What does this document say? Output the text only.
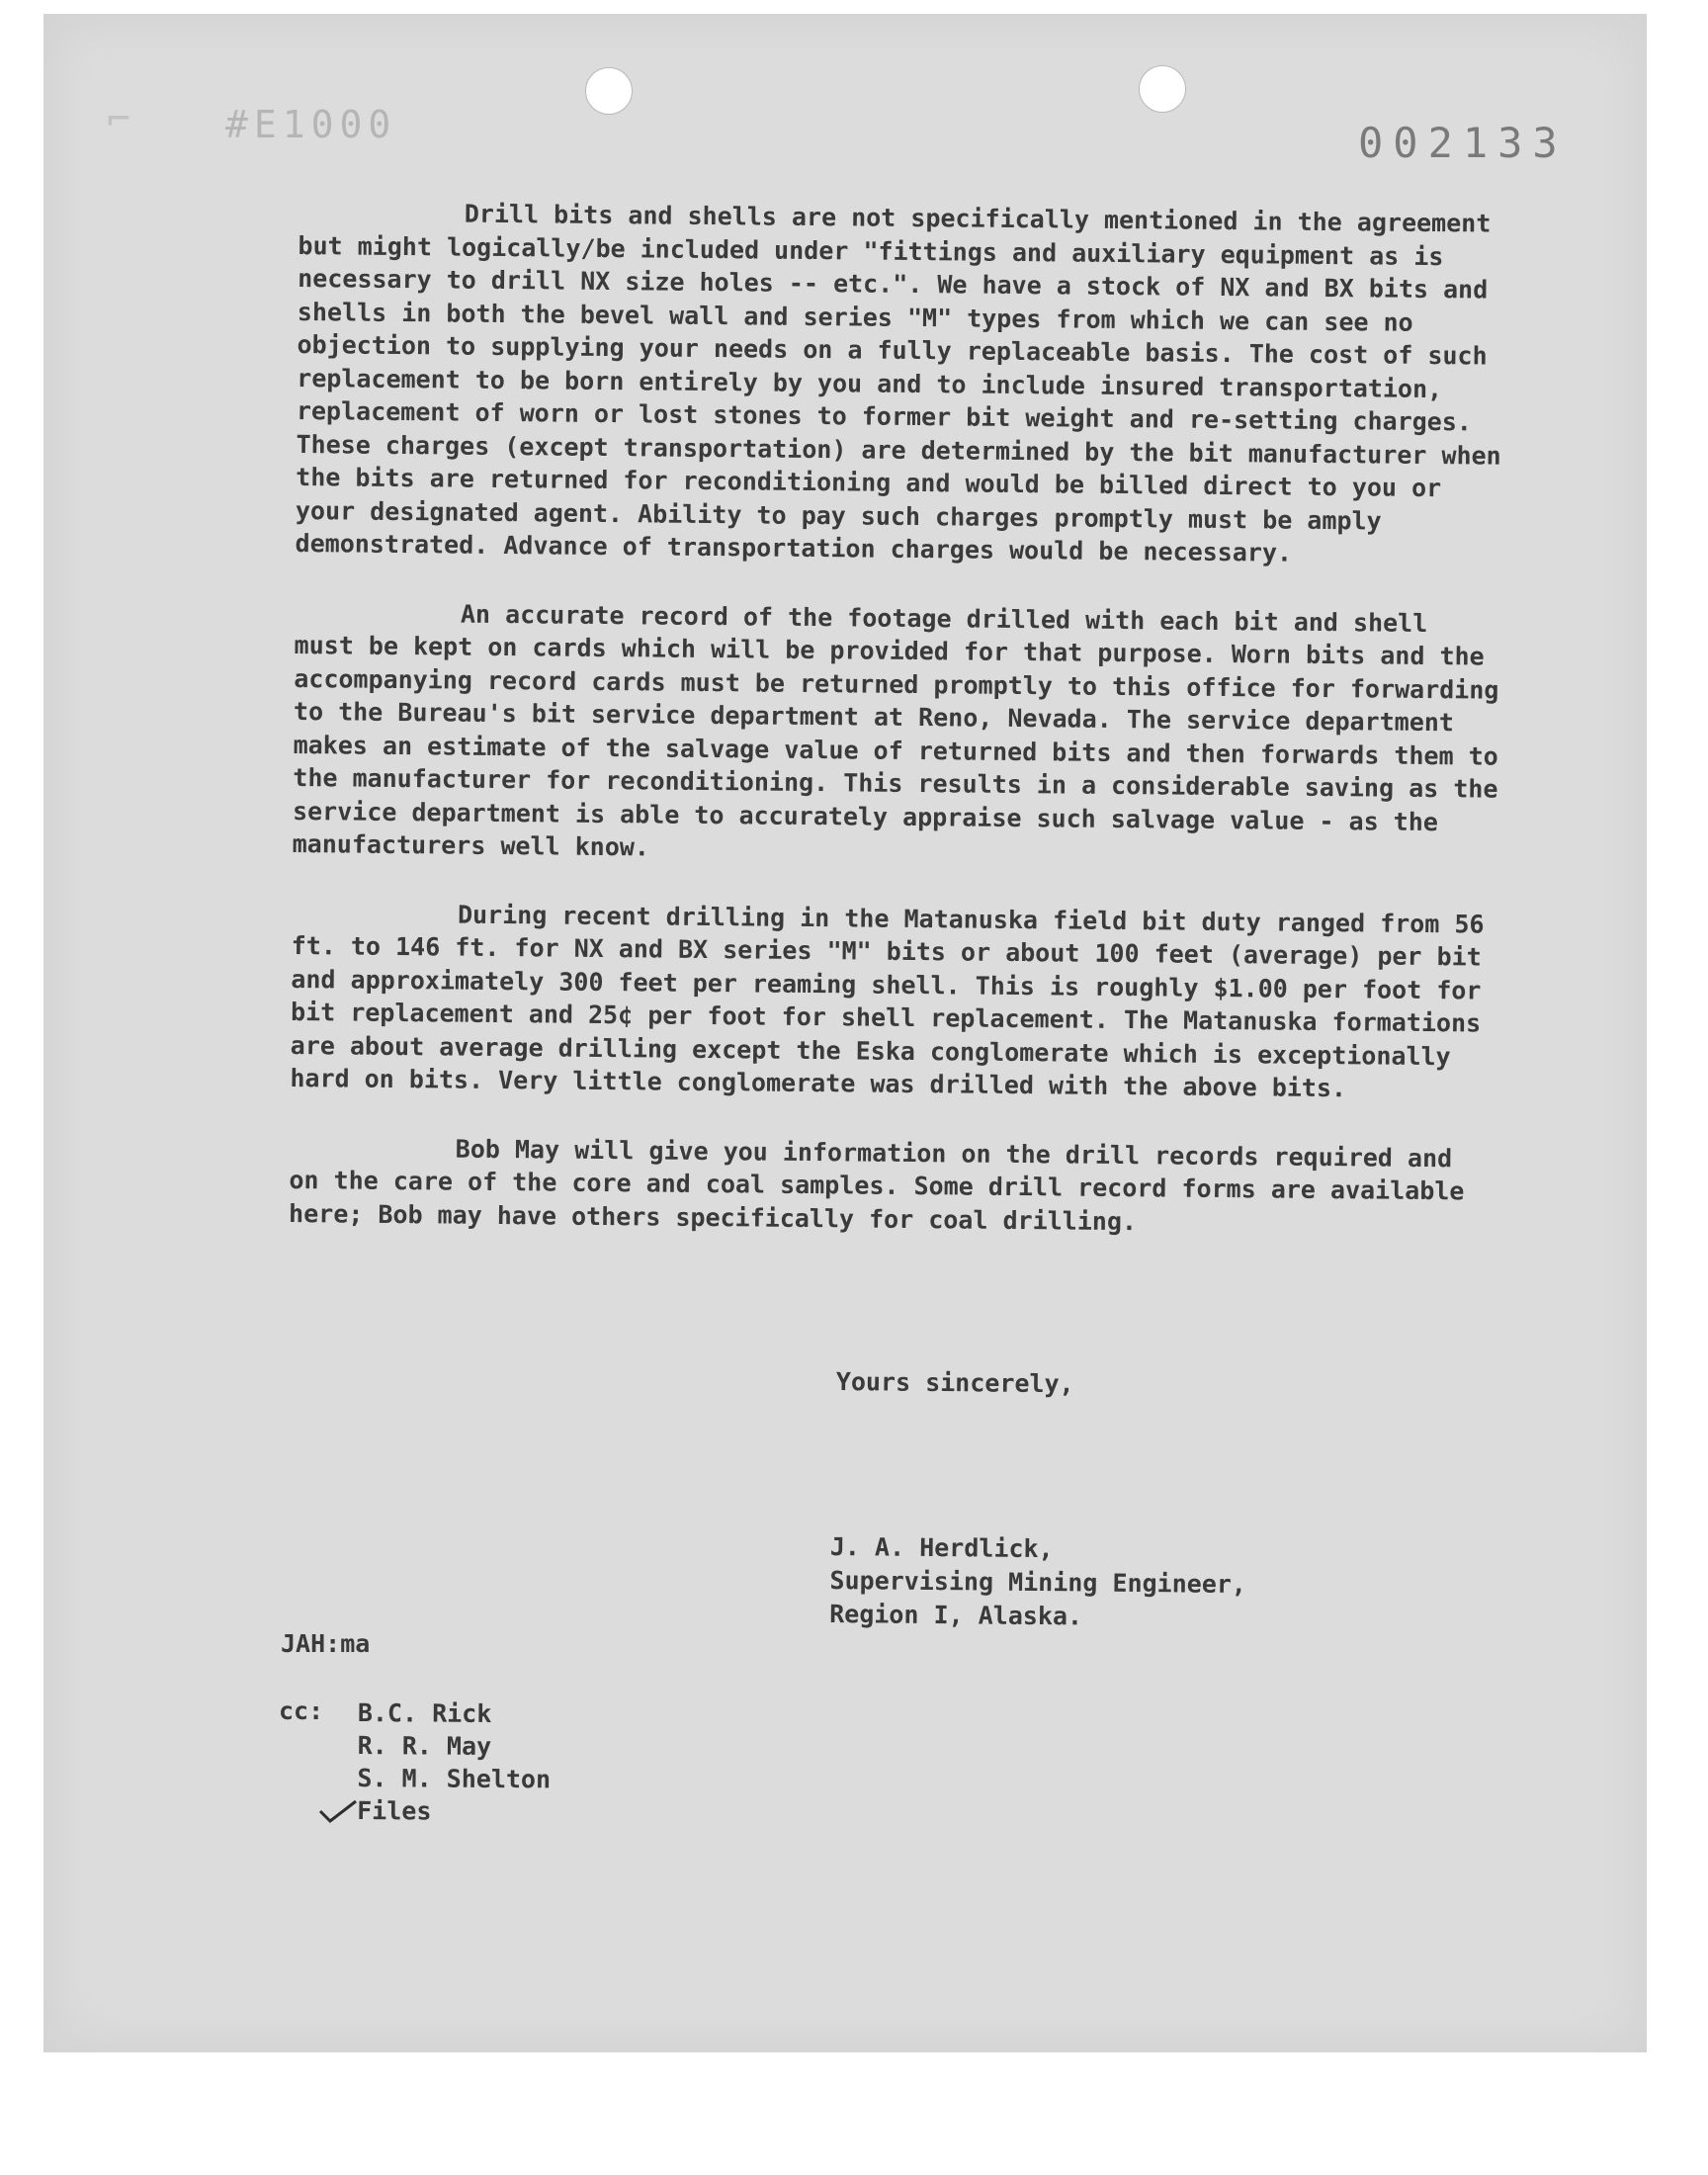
⌐	#E1000	002133

Drill bits and shells are not specifically mentioned in the agreement but might logically/be included under "fittings and auxiliary equipment as is necessary to drill NX size holes -- etc.". We have a stock of NX and BX bits and shells in both the bevel wall and series "M" types from which we can see no objection to supplying your needs on a fully replaceable basis. The cost of such replacement to be born entirely by you and to include insured transportation, replacement of worn or lost stones to former bit weight and re-setting charges. These charges (except transportation) are determined by the bit manufacturer when the bits are returned for reconditioning and would be billed direct to you or your designated agent. Ability to pay such charges promptly must be amply demonstrated. Advance of transportation charges would be necessary.

An accurate record of the footage drilled with each bit and shell must be kept on cards which will be provided for that purpose. Worn bits and the accompanying record cards must be returned promptly to this office for forwarding to the Bureau's bit service department at Reno, Nevada. The service department makes an estimate of the salvage value of returned bits and then forwards them to the manufacturer for reconditioning. This results in a considerable saving as the service department is able to accurately appraise such salvage value - as the manufacturers well know.

During recent drilling in the Matanuska field bit duty ranged from 56 ft. to 146 ft. for NX and BX series "M" bits or about 100 feet (average) per bit and approximately 300 feet per reaming shell. This is roughly $1.00 per foot for bit replacement and 25¢ per foot for shell replacement. The Matanuska formations are about average drilling except the Eska conglomerate which is exceptionally hard on bits. Very little conglomerate was drilled with the above bits.

Bob May will give you information on the drill records required and on the care of the core and coal samples. Some drill record forms are available here; Bob may have others specifically for coal drilling.

Yours sincerely,
J. A. Herdlick,
Supervising Mining Engineer,
Region I, Alaska.
JAH:ma
cc:	B.C. Rick
R. R. May
S. M. Shelton
Files
